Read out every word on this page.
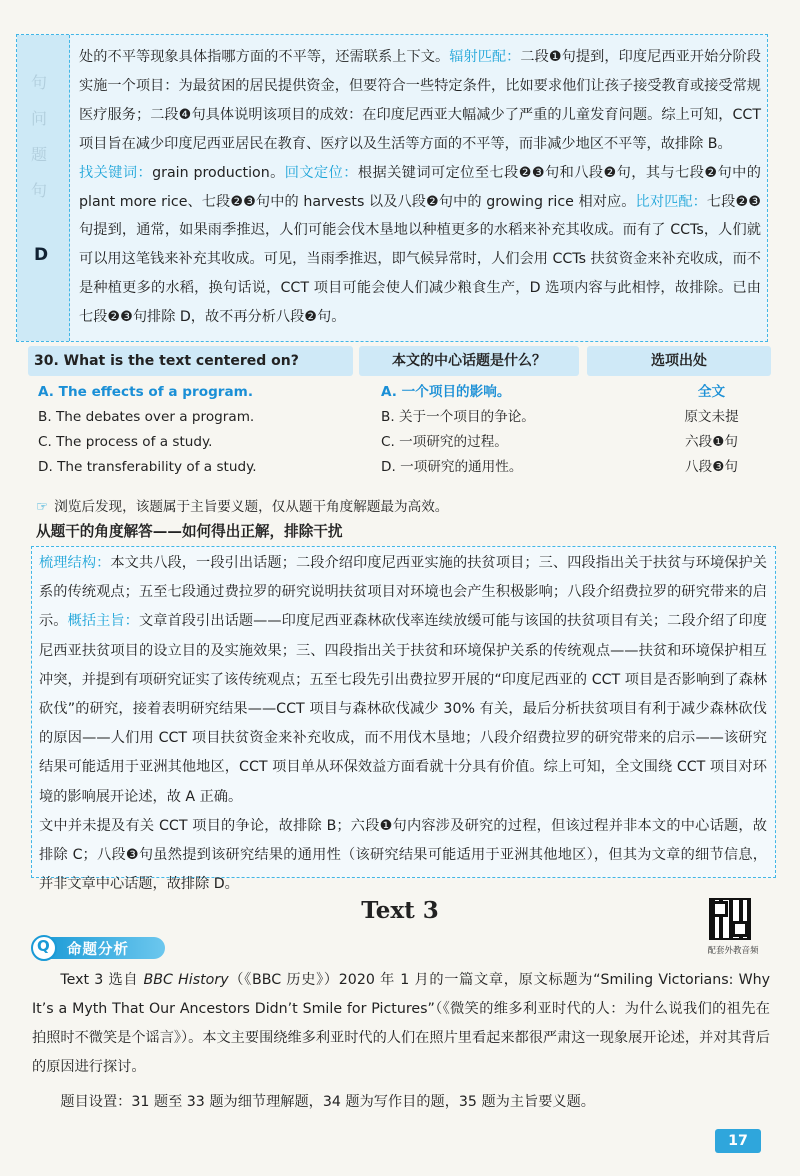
句
问
题
句
D
处的不平等现象具体指哪方面的不平等，还需联系上下文。辐射匹配：二段❶句提到，印度尼西亚开始分阶段实施一个项目：为最贫困的居民提供资金，但要符合一些特定条件，比如要求他们让孩子接受教育或接受常规医疗服务；二段❹句具体说明该项目的成效：在印度尼西亚大幅减少了严重的儿童发育问题。综上可知，CCT 项目旨在减少印度尼西亚居民在教育、医疗以及生活等方面的不平等，而非减少地区不平等，故排除 B。
找关键词：grain production。回文定位：根据关键词可定位至七段❷❸句和八段❷句，其与七段❷句中的 plant more rice、七段❷❸句中的 harvests 以及八段❷句中的 growing rice 相对应。比对匹配：七段❷❸句提到，通常，如果雨季推迟，人们可能会伐木垦地以种植更多的水稻来补充其收成。而有了 CCTs，人们就可以用这笔钱来补充其收成。可见，当雨季推迟，即气候异常时，人们会用 CCTs 扶贫资金来补充收成，而不是种植更多的水稻，换句话说，CCT 项目可能会使人们减少粮食生产，D 选项内容与此相悖，故排除。已由七段❷❸句排除 D，故不再分析八段❷句。
30. What is the text centered on?	本文的中心话题是什么？	选项出处
A. The effects of a program.	A. 一个项目的影响。	全文
B. The debates over a program.	B. 关于一个项目的争论。	原文未提
C. The process of a study.	C. 一项研究的过程。	六段❶句
D. The transferability of a study.	D. 一项研究的通用性。	八段❸句
☞ 浏览后发现，该题属于主旨要义题，仅从题干角度解题最为高效。
从题干的角度解答——如何得出正解，排除干扰
梳理结构：本文共八段，一段引出话题；二段介绍印度尼西亚实施的扶贫项目；三、四段指出关于扶贫与环境保护关系的传统观点；五至七段通过费拉罗的研究说明扶贫项目对环境也会产生积极影响；八段介绍费拉罗的研究带来的启示。概括主旨：文章首段引出话题——印度尼西亚森林砍伐率连续放缓可能与该国的扶贫项目有关；二段介绍了印度尼西亚扶贫项目的设立目的及实施效果；三、四段指出关于扶贫和环境保护关系的传统观点——扶贫和环境保护相互冲突，并提到有项研究证实了该传统观点；五至七段先引出费拉罗开展的“印度尼西亚的 CCT 项目是否影响到了森林砍伐”的研究，接着表明研究结果——CCT 项目与森林砍伐减少 30% 有关，最后分析扶贫项目有利于减少森林砍伐的原因——人们用 CCT 项目扶贫资金来补充收成，而不用伐木垦地；八段介绍费拉罗的研究带来的启示——该研究结果可能适用于亚洲其他地区，CCT 项目单从环保效益方面看就十分具有价值。综上可知，全文围绕 CCT 项目对环境的影响展开论述，故 A 正确。
文中并未提及有关 CCT 项目的争论，故排除 B；六段❶句内容涉及研究的过程，但该过程并非本文的中心话题，故排除 C；八段❸句虽然提到该研究结果的通用性（该研究结果可能适用于亚洲其他地区），但其为文章的细节信息，并非文章中心话题，故排除 D。
Text 3
配套外教音频
Q 命题分析

Text 3 选自 BBC History（《BBC 历史》）2020 年 1 月的一篇文章，原文标题为“Smiling Victorians: Why It’s a Myth That Our Ancestors Didn’t Smile for Pictures”（《微笑的维多利亚时代的人：为什么说我们的祖先在拍照时不微笑是个谣言》）。本文主要围绕维多利亚时代的人们在照片里看起来都很严肃这一现象展开论述，并对其背后的原因进行探讨。

题目设置：31 题至 33 题为细节理解题，34 题为写作目的题，35 题为主旨要义题。

17
